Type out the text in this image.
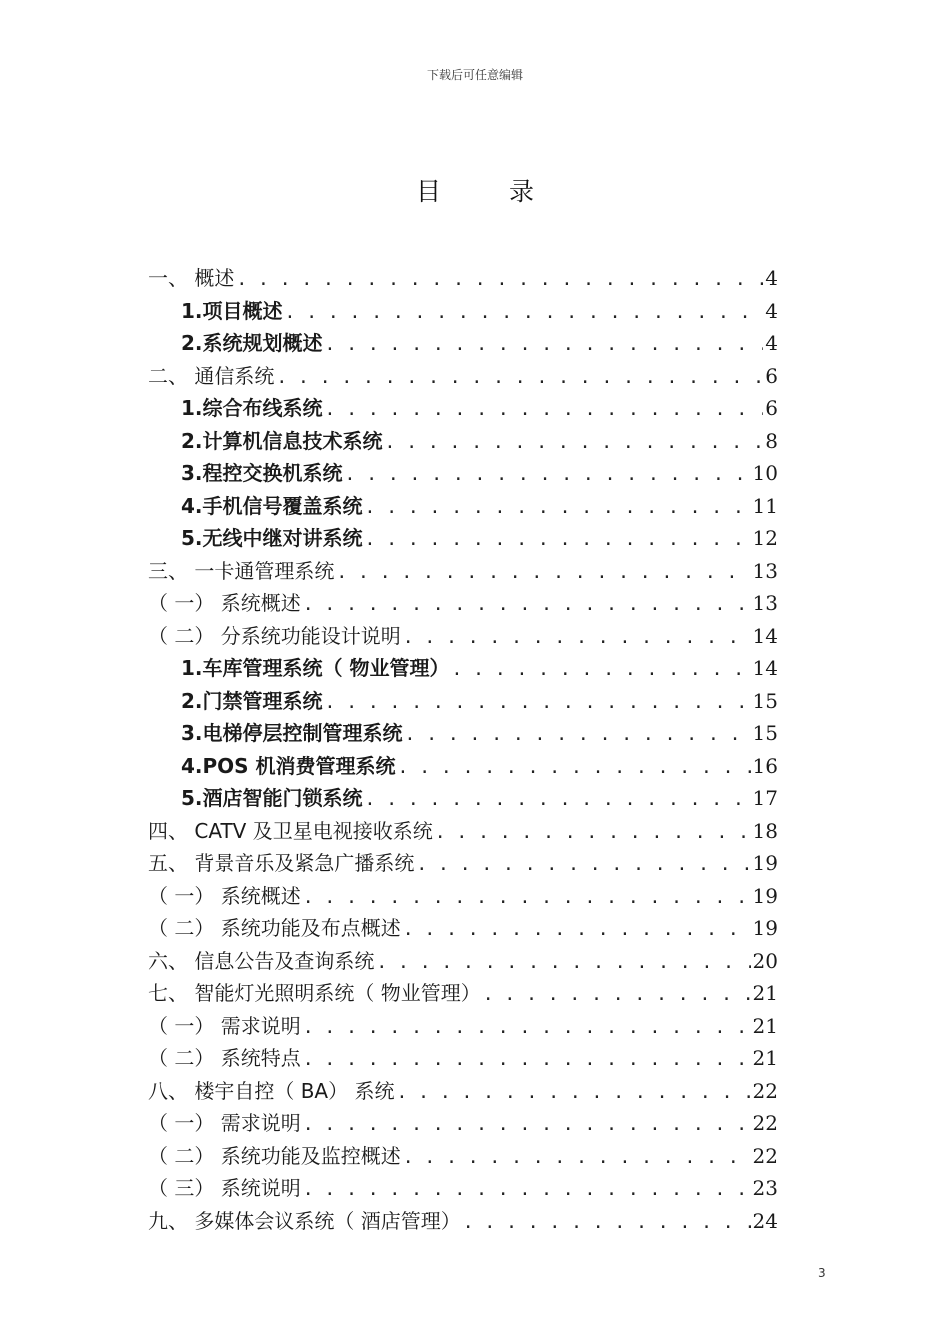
下载后可任意编辑
目 录
一、 概述 . . .	4
1.项目概述 . . .	4
2.系统规划概述 . . .	4
二、 通信系统 . . .	6
1.综合布线系统 . . .	6
2.计算机信息技术系统 . . .	8
3.程控交换机系统 . . .	10
4.手机信号覆盖系统 . . .	11
5.无线中继对讲系统 . . .	12
三、 一卡通管理系统 . . .	13
（ 一） 系统概述 . . .	13
（ 二） 分系统功能设计说明 . . .	14
1.车库管理系统（ 物业管理） . . .	14
2.门禁管理系统 . . .	15
3.电梯停层控制管理系统 . . .	15
4.POS 机消费管理系统 . . .	16
5.酒店智能门锁系统 . . .	17
四、 CATV 及卫星电视接收系统 . . .	18
五、 背景音乐及紧急广播系统 . . .	19
（ 一） 系统概述 . . .	19
（ 二） 系统功能及布点概述 . . .	19
六、 信息公告及查询系统 . . .	20
七、 智能灯光照明系统（ 物业管理） . . .	21
（ 一） 需求说明 . . .	21
（ 二） 系统特点 . . .	21
八、 楼宇自控（ BA） 系统 . . .	22
（ 一） 需求说明 . . .	22
（ 二） 系统功能及监控概述 . . .	22
（ 三） 系统说明 . . .	23
九、 多媒体会议系统（ 酒店管理） . . .	24
3
